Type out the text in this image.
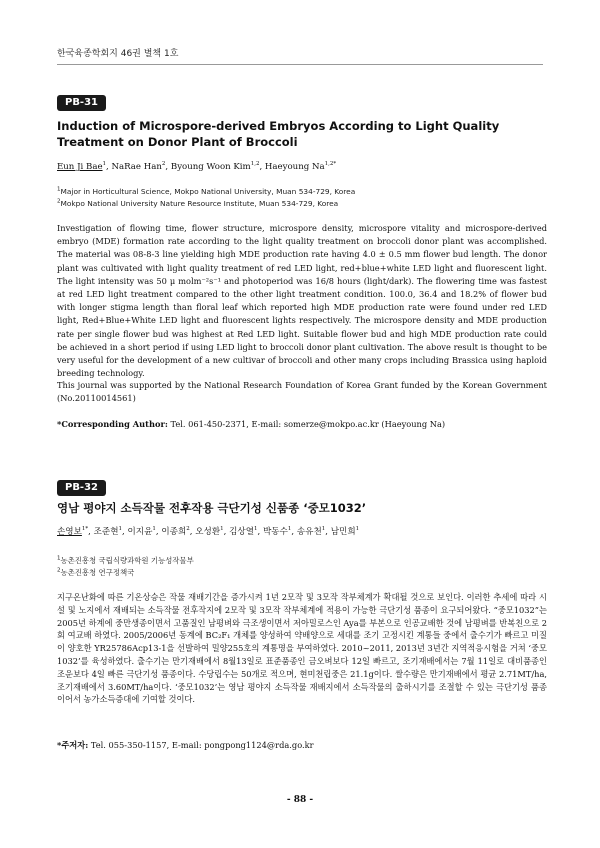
한국육종학회지 46권 별책 1호
PB-31
Induction of Microspore-derived Embryos According to Light Quality Treatment on Donor Plant of Broccoli
Eun Ji Bae$^1$, NaRae Han$^2$, Byoung Woon Kim$^{1,2}$, Haeyoung $Na^{1,2*}$
$^1$Major in Horticultural Science, Mokpo National University, Muan 534-729, Korea
$^2$Mokpo National University Nature Resource Institute, Muan 534-729, Korea

Investigation of flowing time, flower structure, microspore density, microspore vitality and microspore-derived embryo (MDE) formation rate according to the light quality treatment on broccoli donor plant was accomplished. The material was 08-8-3 line yielding high MDE production rate having 4.0 ± 0.5 mm flower bud length. The donor plant was cultivated with light quality treatment of red LED light, red+blue+white LED light and fluorescent light. The light intensity was 50 μ molm⁻²s⁻¹ and photoperiod was 16/8 hours (light/dark). The flowering time was fastest at red LED light treatment compared to the other light treatment condition. 100.0, 36.4 and 18.2% of flower bud with longer stigma length than floral leaf which reported high MDE production rate were found under red LED light, Red+Blue+White LED light and fluorescent lights respectively. The microspore density and MDE production rate per single flower bud was highest at Red LED light. Suitable flower bud and high MDE production rate could be achieved in a short period if using LED light to broccoli donor plant cultivation. The above result is thought to be very useful for the development of a new cultivar of broccoli and other many crops including Brassica using haploid breeding technology.

This journal was supported by the National Research Foundation of Korea Grant funded by the Korean Government (No.20110014561)

*Corresponding Author: Tel. 061-450-2371, E-mail: somerze@mokpo.ac.kr (Haeyoung Na)
PB-32
영남 평야지 소득작물 전후작용 극단기성 신품종 ‘중모1032’
손영보$^{1*}$, 조준현$^1$, 이지윤$^1$, 이종희$^2$, 오성환$^1$, 김상열$^1$, 박동수$^1$, 송유천$^1$, 남민희$^1$
$^1$농촌진흥청 국립식량과학원 기능성작물부
$^2$농촌진흥청 연구정책국

지구온난화에 따른 기온상승은 작물 재배기간을 증가시켜 1년 2모작 및 3모작 작부체계가 확대될 것으로 보인다. 이러한 추세에 따라 시설 및 노지에서 재배되는 소득작물 전후작지에 2모작 및 3모작 작부체계에 적용이 가능한 극단기성 품종이 요구되어왔다. “중모1032”는 2005년 하계에 중만생종이면서 고품질인 남평벼와 극조생이면서 저아밀로스인 Aya를 부본으로 인공교배한 것에 남평벼를 반복친으로 2회 여교배 하였다. 2005/2006년 동계에 BC₂F₁ 개체를 양성하여 약배양으로 세대를 조기 고정시킨 계통들 중에서 출수기가 빠르고 미질이 양호한 YR25786Acp13-1을 선발하여 밀양255호의 계통명을 부여하였다. 2010~2011, 2013년 3년간 지역적응시험을 거쳐 ‘중모1032’를 육성하였다. 출수기는 만기재배에서 8월13일로 표준품종인 금오벼보다 12일 빠르고, 조기재배에서는 7월 11일로 대비품종인 조운보다 4일 빠른 극단기성 품종이다. 수당립수는 50개로 적으며, 현미천립중은 21.1g이다. 쌀수량은 만기재배에서 평균 2.71MT/ha, 조기재배에서 3.60MT/ha이다. ‘중모1032’는 영남 평야지 소득작물 재배지에서 소득작물의 출하시기를 조절할 수 있는 극단기성 품종이어서 농가소득증대에 기여할 것이다.

*주저자: Tel. 055-350-1157, E-mail: pongpong1124@rda.go.kr
- 88 -
